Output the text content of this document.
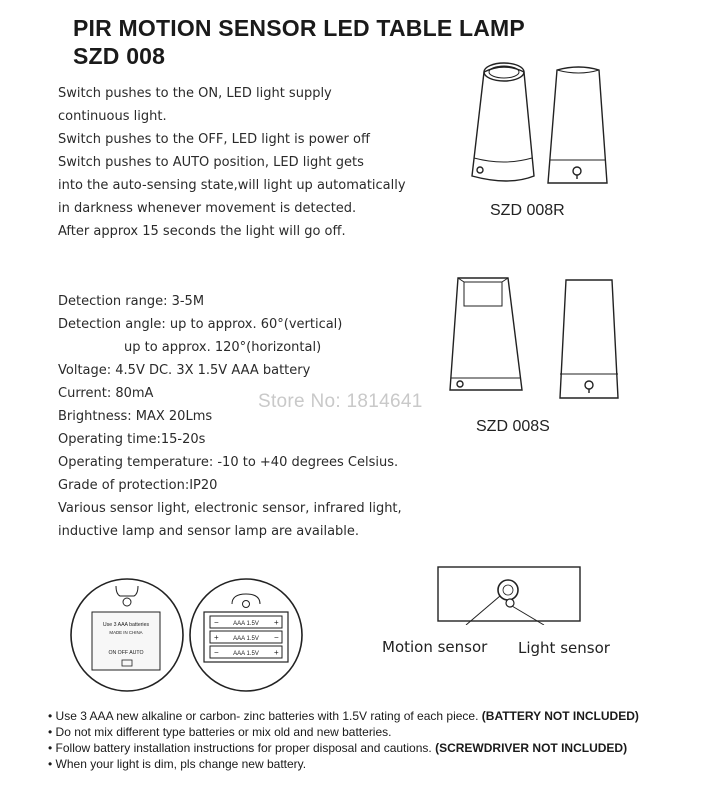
PIR MOTION SENSOR LED TABLE LAMP
SZD 008
Switch pushes to the ON, LED light supply
continuous light.
Switch pushes to the OFF, LED light is power off
Switch pushes to AUTO position, LED light gets
into the auto-sensing state,will light up automatically
in darkness whenever movement is detected.
After approx 15 seconds the light will go off.
Detection range: 3-5M
Detection angle: up to approx. 60°(vertical)
up to approx. 120°(horizontal)
Voltage: 4.5V DC. 3X 1.5V AAA battery
Current: 80mA
Brightness: MAX 20Lms
Operating time:15-20s
Operating temperature: -10 to +40 degrees Celsius.
Grade of protection:IP20
Various sensor light, electronic sensor, infrared light,
inductive lamp and sensor lamp are available.
SZD 008R
SZD 008S
Store No: 1814641
Motion sensor Light sensor
Use 3 AAA batteries
MADE IN CHINA
ON OFF AUTO
− AAA 1.5V +
+ AAA 1.5V −
− AAA 1.5V +
• Use 3 AAA new alkaline or carbon- zinc batteries with 1.5V rating of each piece. (BATTERY NOT INCLUDED)
• Do not mix different type batteries or mix old and new batteries.
• Follow battery installation instructions for proper disposal and cautions. (SCREWDRIVER NOT INCLUDED)
• When your light is dim, pls change new battery.
